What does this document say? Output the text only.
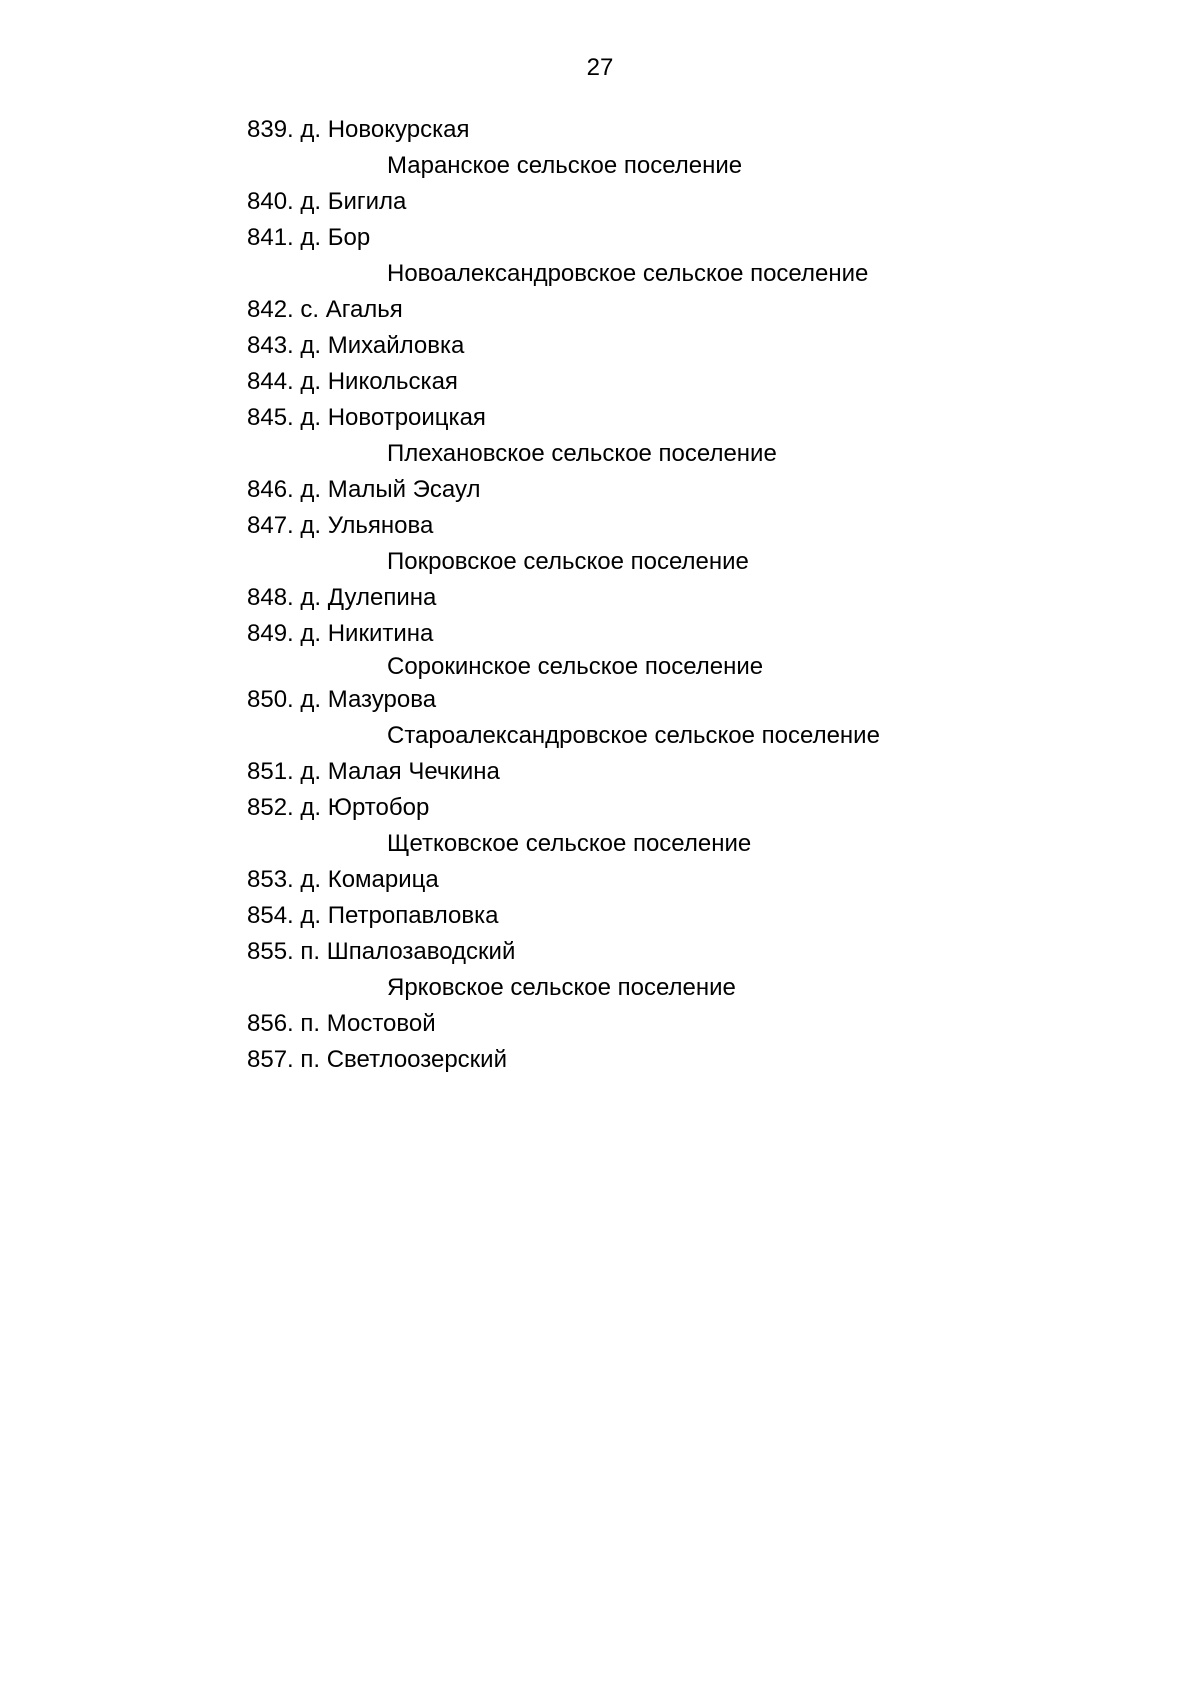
27
839. д. Новокурская
Маранское сельское поселение
840. д. Бигила
841. д. Бор
Новоалександровское сельское поселение
842. с. Агалья
843. д. Михайловка
844. д. Никольская
845. д. Новотроицкая
Плехановское сельское поселение
846. д. Малый Эсаул
847. д. Ульянова
Покровское сельское поселение
848. д. Дулепина
849. д. Никитина
Сорокинское сельское поселение
850. д. Мазурова
Староалександровское сельское поселение
851. д. Малая Чечкина
852. д. Юртобор
Щетковское сельское поселение
853. д. Комарица
854. д. Петропавловка
855. п. Шпалозаводский
Ярковское сельское поселение
856. п. Мостовой
857. п. Светлоозерский
